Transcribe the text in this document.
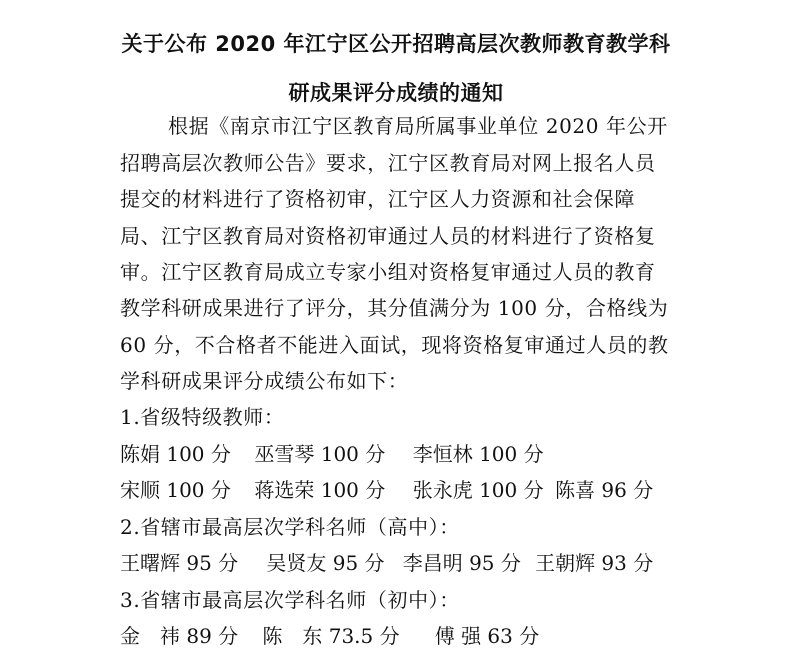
关于公布 2020 年江宁区公开招聘高层次教师教育教学科
研成果评分成绩的通知

根据《南京市江宁区教育局所属事业单位 2020 年公开

招聘高层次教师公告》要求，江宁区教育局对网上报名人员

提交的材料进行了资格初审，江宁区人力资源和社会保障

局、江宁区教育局对资格初审通过人员的材料进行了资格复

审。江宁区教育局成立专家小组对资格复审通过人员的教育

教学科研成果进行了评分，其分值满分为 100 分，合格线为

60 分，不合格者不能进入面试，现将资格复审通过人员的教

学科研成果评分成绩公布如下：

1.省级特级教师：

陈娟 100 分 巫雪琴 100 分 李恒林 100 分
宋顺 100 分 蒋选荣 100 分 张永虎 100 分 陈喜 96 分

2.省辖市最高层次学科名师（高中）：

王曙辉 95 分 吴贤友 95 分 李昌明 95 分 王朝辉 93 分

3.省辖市最高层次学科名师（初中）：

金　祎 89 分 陈　东 73.5 分 傅 强 63 分
